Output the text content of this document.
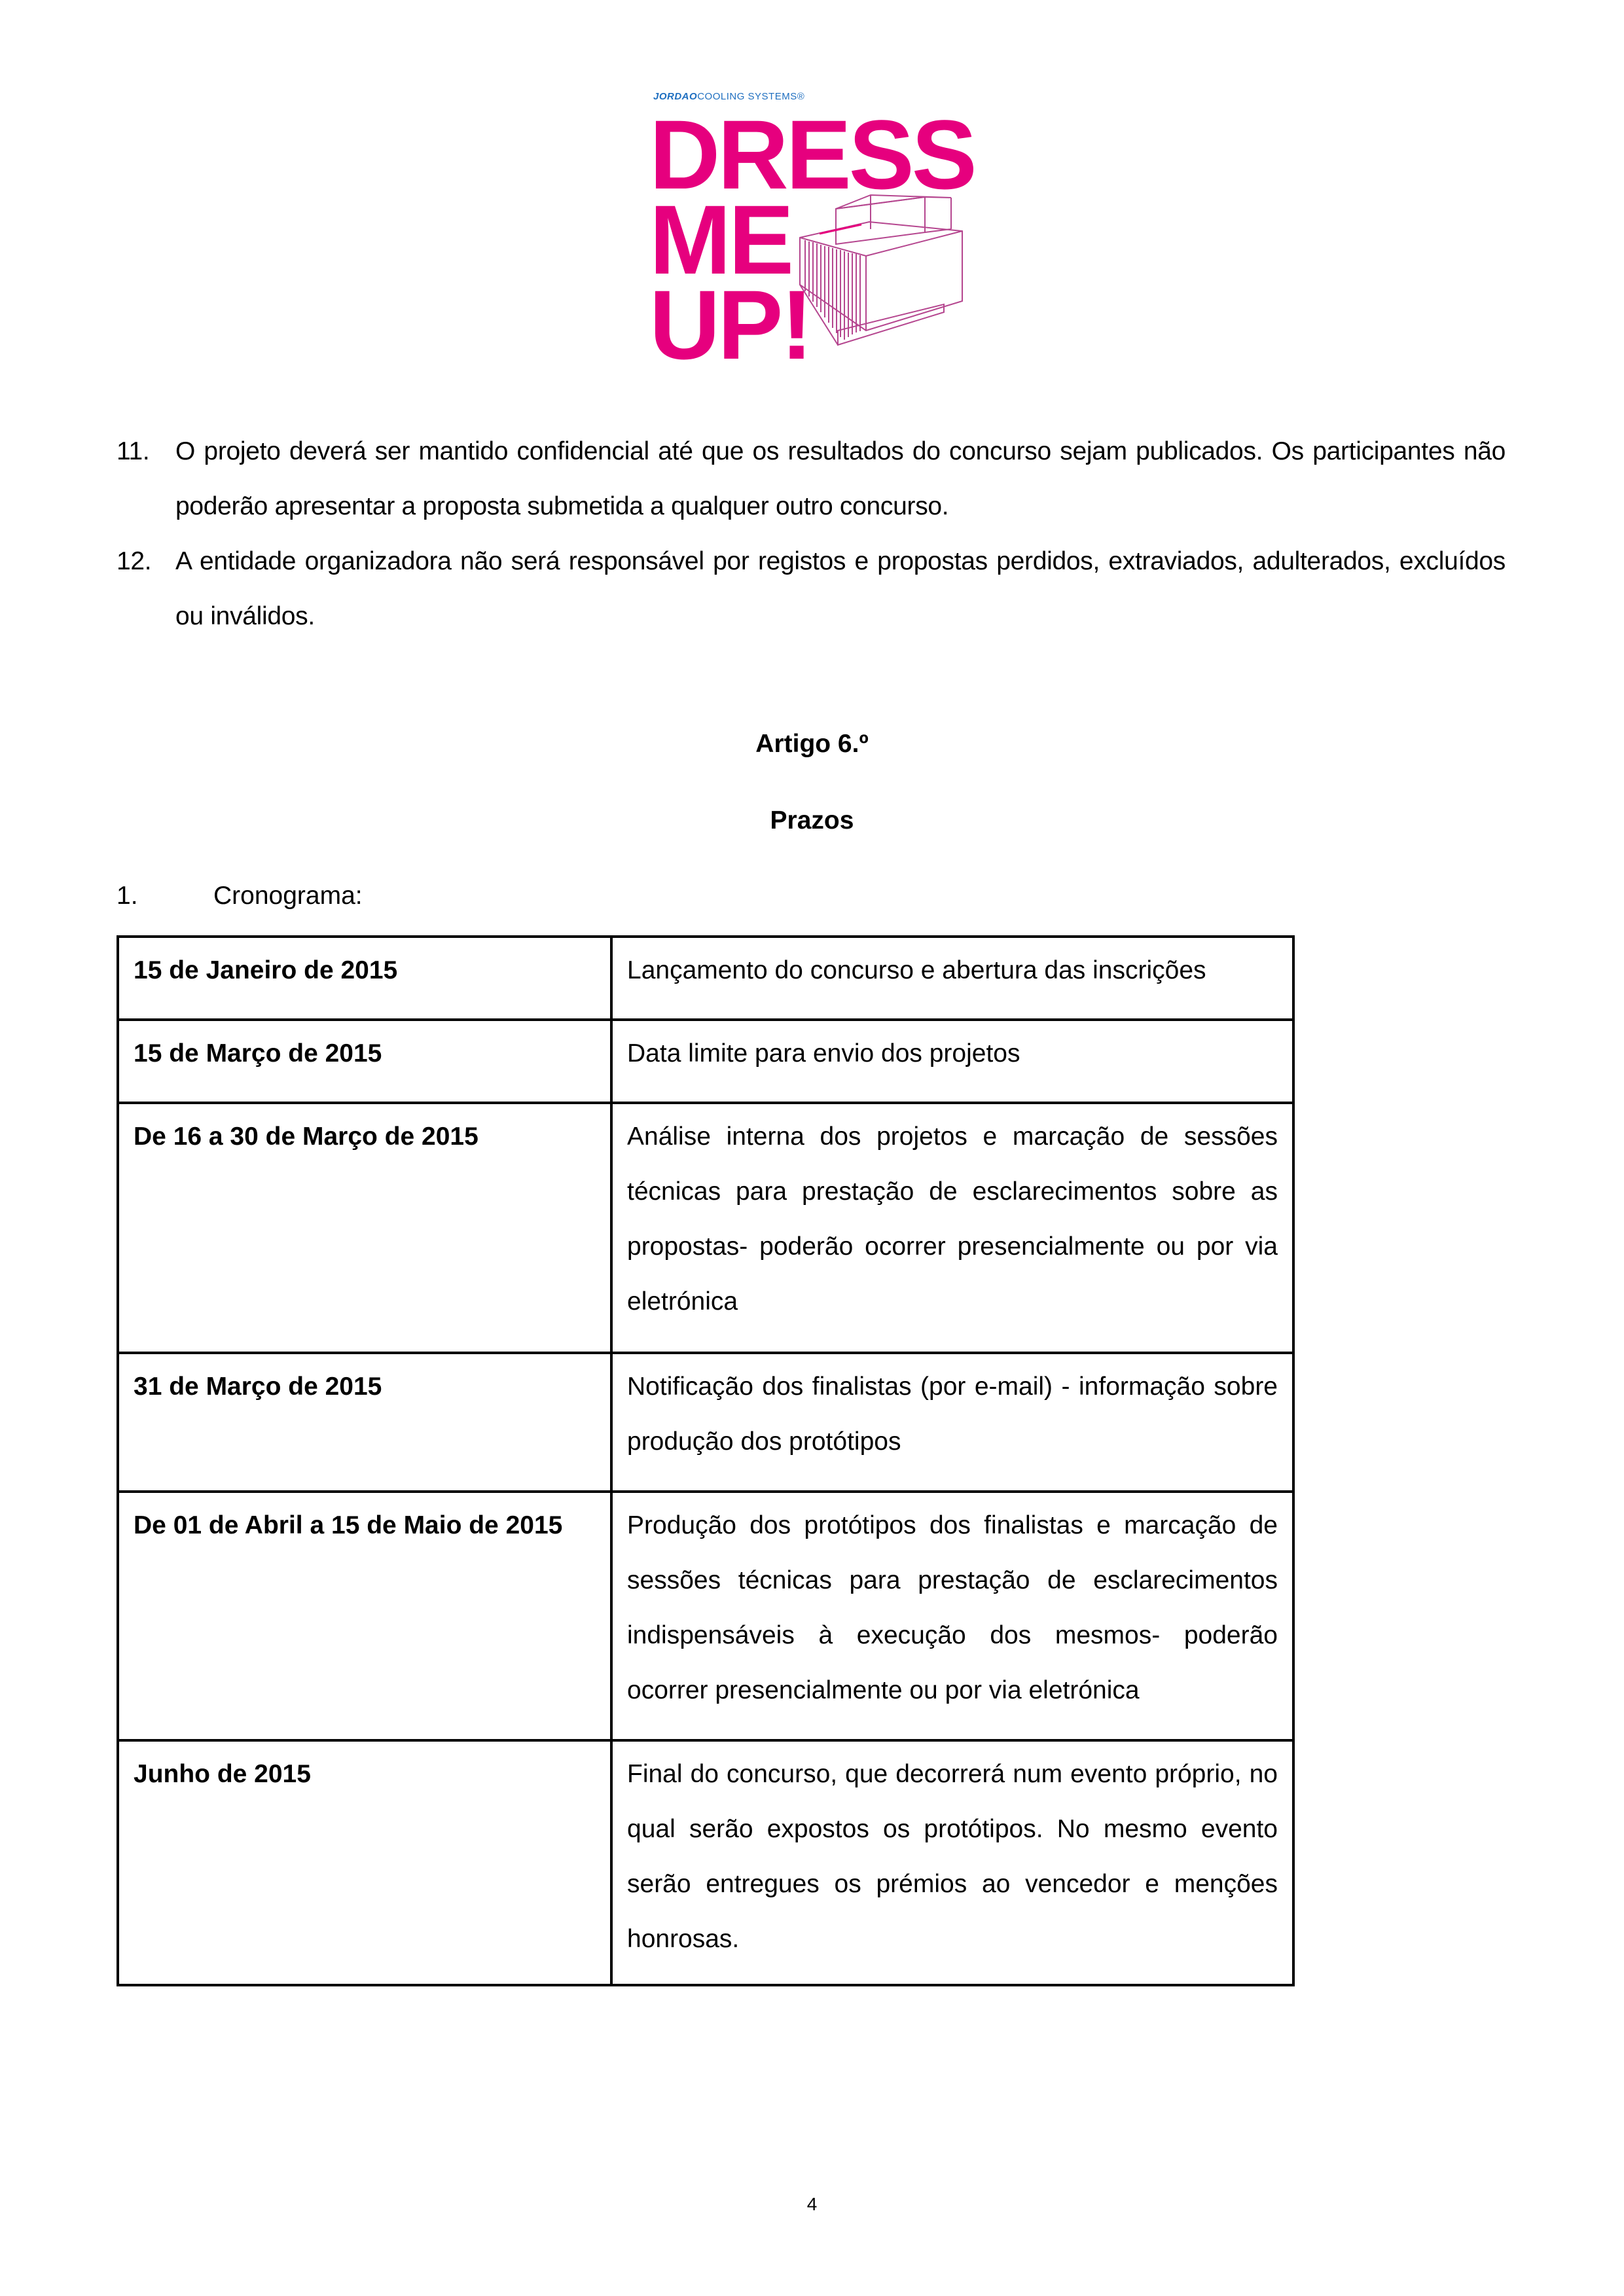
JORDAOCOOLING SYSTEMS®
DRESS
ME
UP!
11. O projeto deverá ser mantido confidencial até que os resultados do concurso sejam publicados. Os participantes não poderão apresentar a proposta submetida a qualquer outro concurso.
12. A entidade organizadora não será responsável por registos e propostas perdidos, extraviados, adulterados, excluídos ou inválidos.
Artigo 6.º
Prazos
1.	Cronograma:
15 de Janeiro de 2015	Lançamento do concurso e abertura das inscrições
15 de Março de 2015	Data limite para envio dos projetos
De 16 a 30 de Março de 2015	Análise interna dos projetos e marcação de sessões técnicas para prestação de esclarecimentos sobre as propostas- poderão ocorrer presencialmente ou por via eletrónica
31 de Março de 2015	Notificação dos finalistas (por e-mail) - informação sobre produção dos protótipos
De 01 de Abril a 15 de Maio de 2015	Produção dos protótipos dos finalistas e marcação de sessões técnicas para prestação de esclarecimentos indispensáveis à execução dos mesmos- poderão ocorrer presencialmente ou por via eletrónica
Junho de 2015	Final do concurso, que decorrerá num evento próprio, no qual serão expostos os protótipos. No mesmo evento serão entregues os prémios ao vencedor e menções honrosas.
4
